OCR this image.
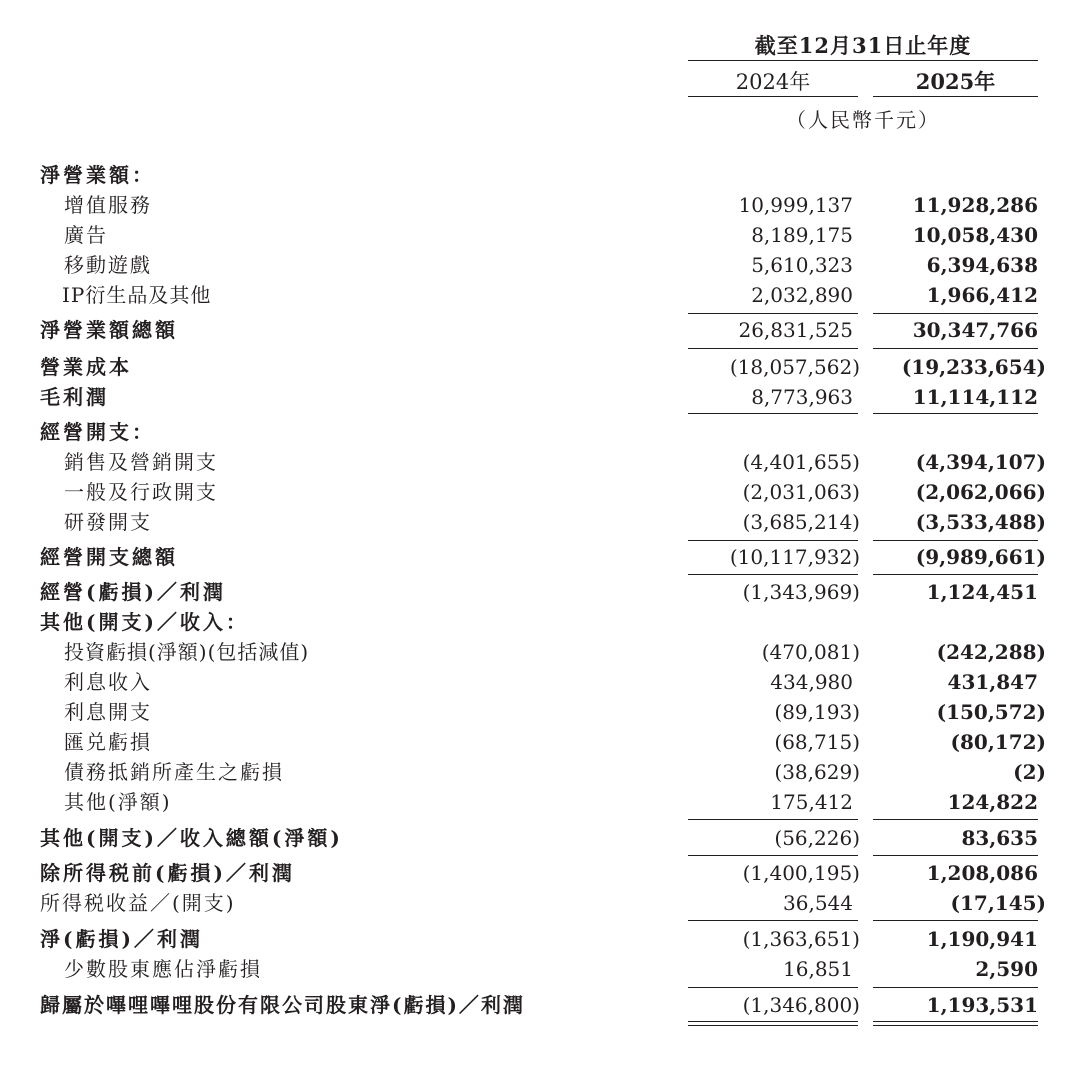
截至12月31日止年度
2024年	2025年
（人民幣千元）
淨營業額：
增值服務	10,999,137	11,928,286
廣告	8,189,175	10,058,430
移動遊戲	5,610,323	6,394,638
IP衍生品及其他	2,032,890	1,966,412
淨營業額總額	26,831,525	30,347,766
營業成本	(18,057,562) (19,233,654)
毛利潤	8,773,963	11,114,112
經營開支：
銷售及營銷開支	(4,401,655)	(4,394,107)
一般及行政開支	(2,031,063)	(2,062,066)
研發開支	(3,685,214)	(3,533,488)
經營開支總額	(10,117,932)	(9,989,661)
經營(虧損)／利潤	(1,343,969)	1,124,451
其他(開支)／收入：
投資虧損(淨額)(包括減值)	(470,081)	(242,288)
利息收入	434,980	431,847
利息開支	(89,193)	(150,572)
匯兑虧損	(68,715)	(80,172)
債務抵銷所產生之虧損	(38,629)	(2)
其他(淨額)	175,412	124,822
其他(開支)／收入總額(淨額)	(56,226)	83,635
除所得税前(虧損)／利潤	(1,400,195)	1,208,086
所得税收益／(開支)	36,544	(17,145)
淨(虧損)／利潤	(1,363,651)	1,190,941
少數股東應佔淨虧損	16,851	2,590
歸屬於嗶哩嗶哩股份有限公司股東淨(虧損)／利潤	(1,346,800)	1,193,531
